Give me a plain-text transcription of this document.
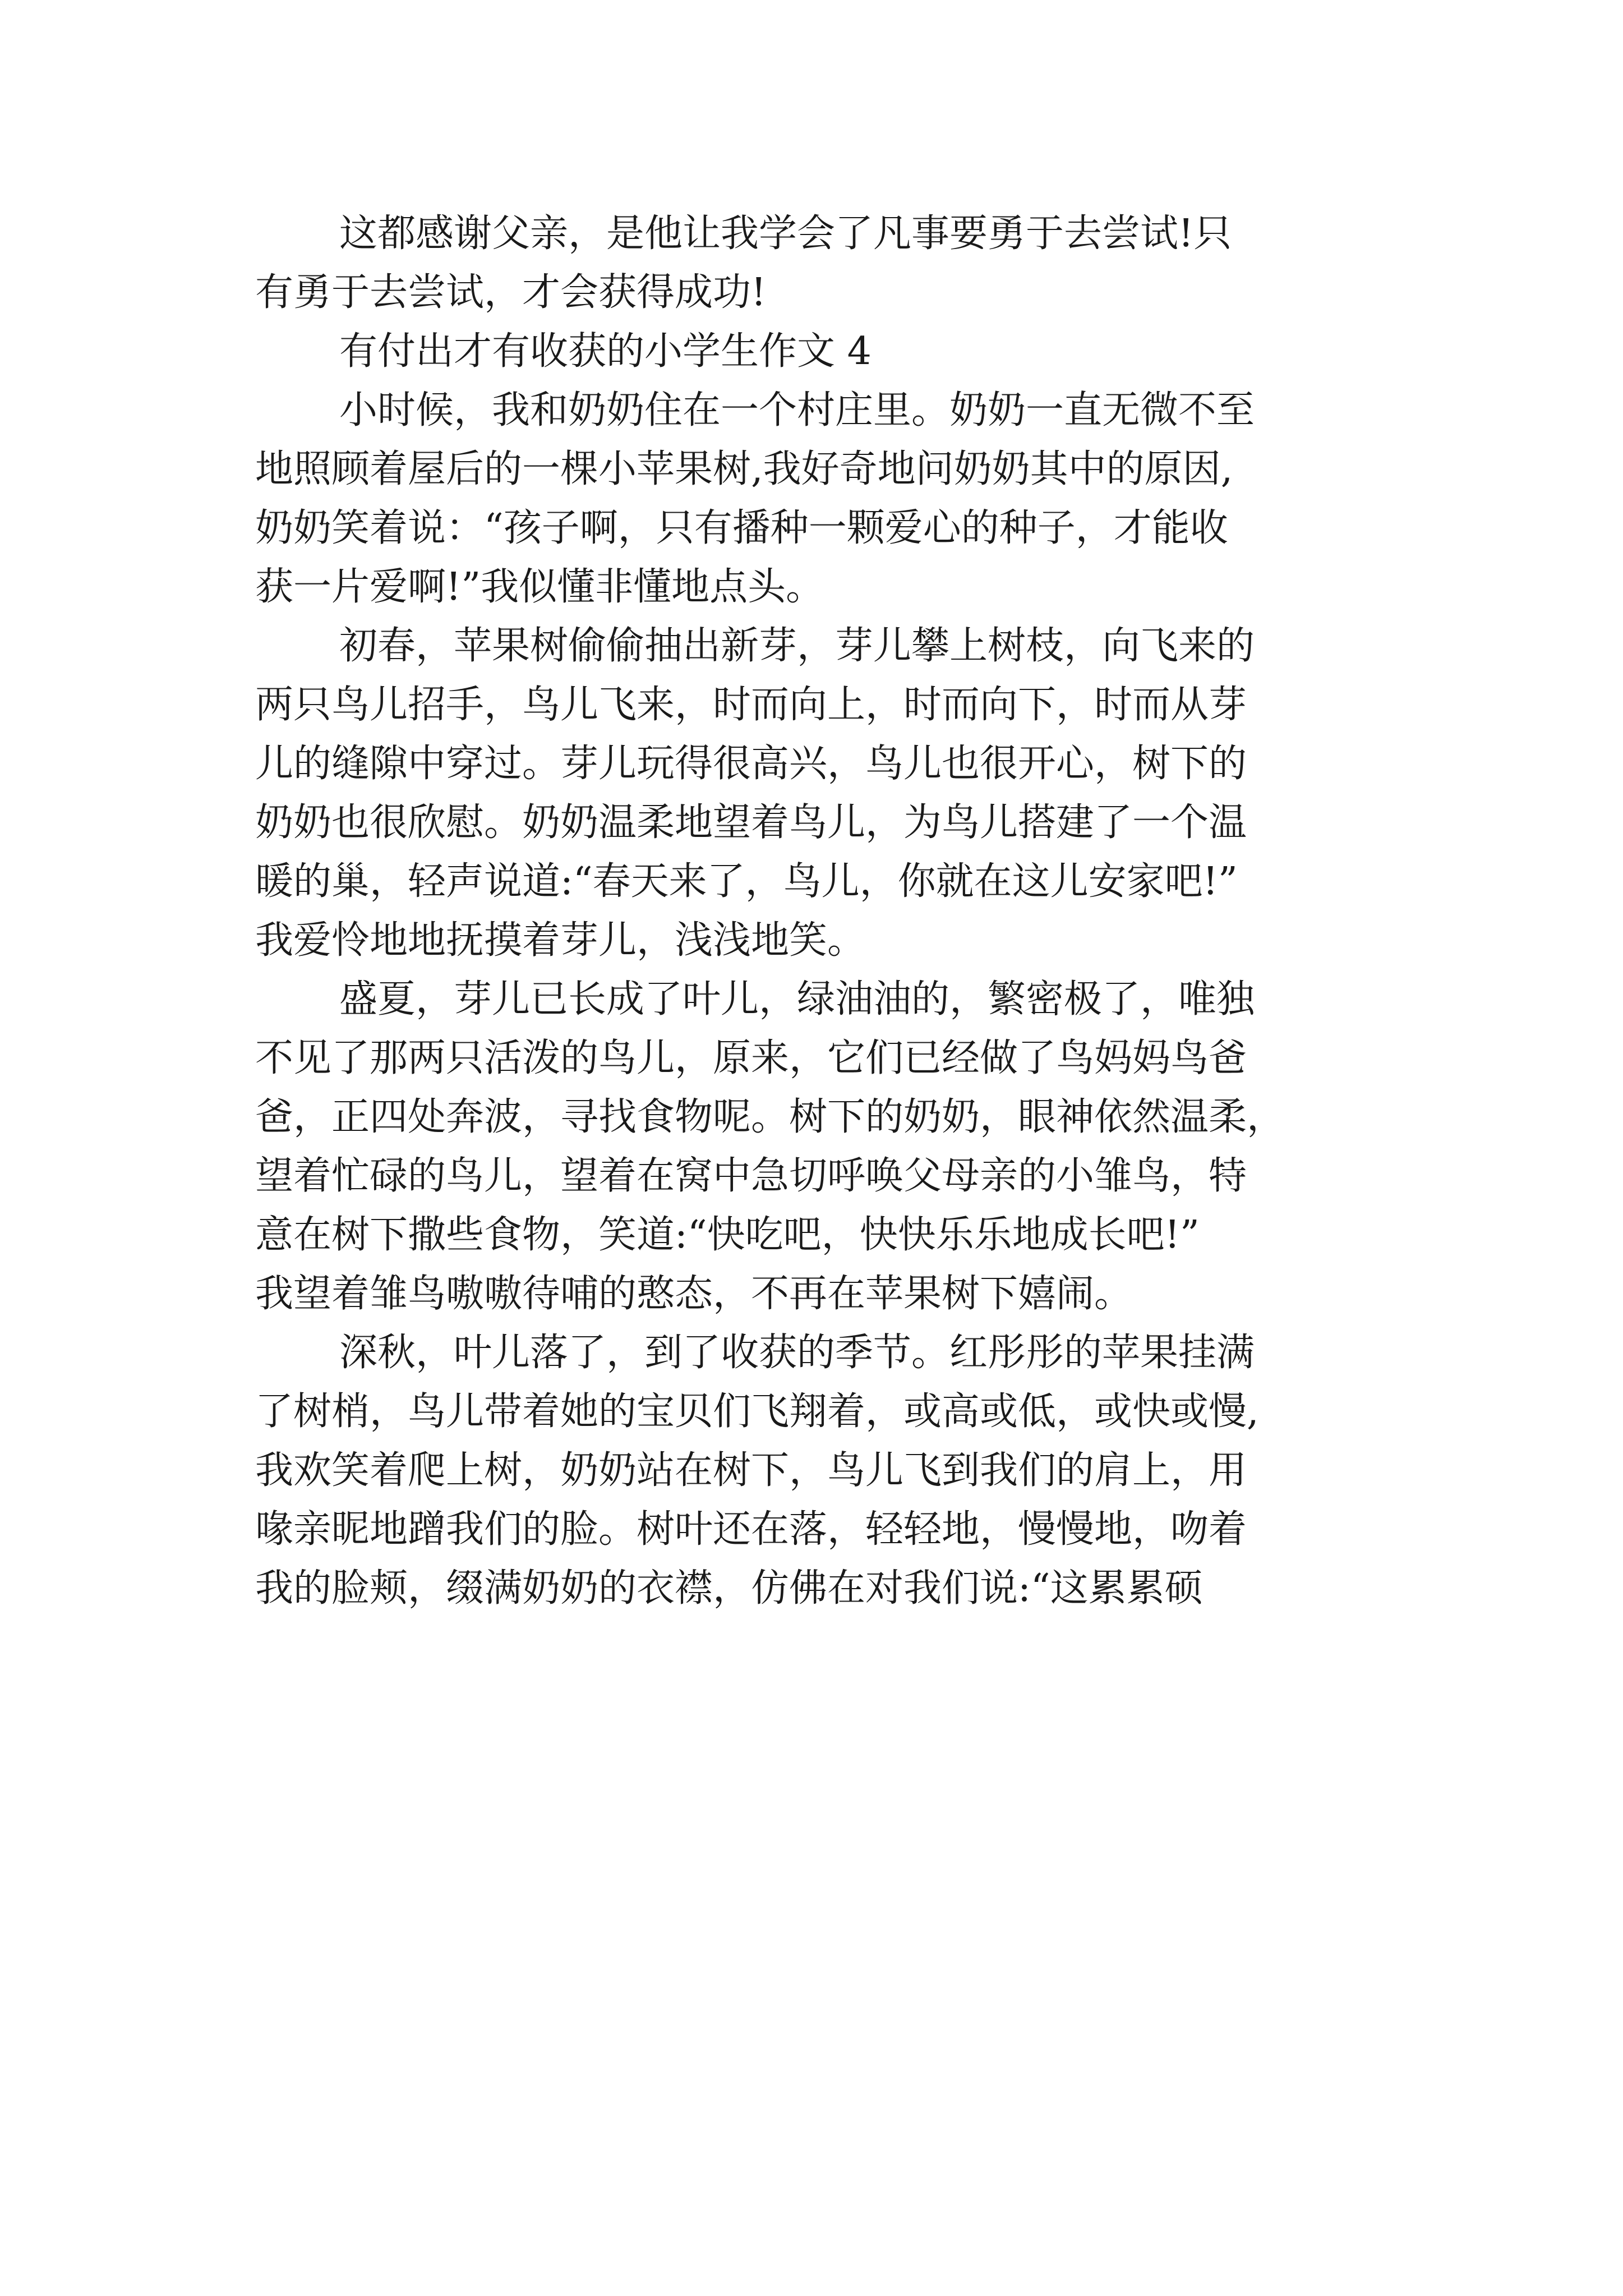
这都感谢父亲，是他让我学会了凡事要勇于去尝试!只
有勇于去尝试，才会获得成功!
有付出才有收获的小学生作文 4
小时候，我和奶奶住在一个村庄里。奶奶一直无微不至
地照顾着屋后的一棵小苹果树,我好奇地问奶奶其中的原因,
奶奶笑着说：“孩子啊，只有播种一颗爱心的种子，才能收
获一片爱啊!”我似懂非懂地点头。
初春，苹果树偷偷抽出新芽，芽儿攀上树枝，向飞来的
两只鸟儿招手，鸟儿飞来，时而向上，时而向下，时而从芽
儿的缝隙中穿过。芽儿玩得很高兴，鸟儿也很开心，树下的
奶奶也很欣慰。奶奶温柔地望着鸟儿，为鸟儿搭建了一个温
暖的巢，轻声说道:“春天来了，鸟儿，你就在这儿安家吧!”
我爱怜地地抚摸着芽儿，浅浅地笑。
盛夏，芽儿已长成了叶儿，绿油油的，繁密极了，唯独
不见了那两只活泼的鸟儿，原来，它们已经做了鸟妈妈鸟爸
爸，正四处奔波，寻找食物呢。树下的奶奶，眼神依然温柔，
望着忙碌的鸟儿，望着在窝中急切呼唤父母亲的小雏鸟，特
意在树下撒些食物，笑道:“快吃吧，快快乐乐地成长吧!”
我望着雏鸟嗷嗷待哺的憨态，不再在苹果树下嬉闹。
深秋，叶儿落了，到了收获的季节。红彤彤的苹果挂满
了树梢，鸟儿带着她的宝贝们飞翔着，或高或低，或快或慢,
我欢笑着爬上树，奶奶站在树下，鸟儿飞到我们的肩上，用
喙亲昵地蹭我们的脸。树叶还在落，轻轻地，慢慢地，吻着
我的脸颊，缀满奶奶的衣襟，仿佛在对我们说:“这累累硕
